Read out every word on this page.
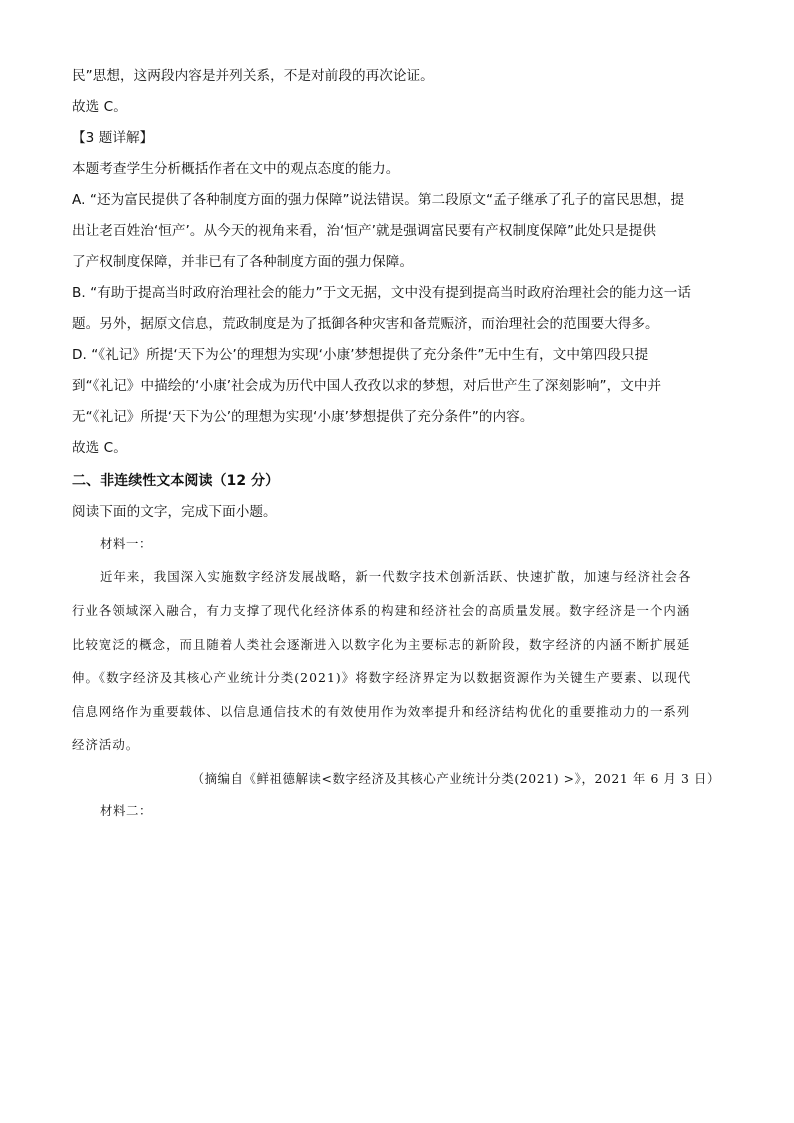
民”思想，这两段内容是并列关系，不是对前段的再次论证。
故选 C。
【3 题详解】
本题考查学生分析概括作者在文中的观点态度的能力。
A. “还为富民提供了各种制度方面的强力保障”说法错误。第二段原文“孟子继承了孔子的富民思想，提
出让老百姓治‘恒产’。从今天的视角来看，治‘恒产’就是强调富民要有产权制度保障”此处只是提供
了产权制度保障，并非已有了各种制度方面的强力保障。
B. “有助于提高当时政府治理社会的能力”于文无据，文中没有提到提高当时政府治理社会的能力这一话
题。另外，据原文信息，荒政制度是为了抵御各种灾害和备荒赈济，而治理社会的范围要大得多。
D. “《礼记》所提‘天下为公’的理想为实现‘小康’梦想提供了充分条件”无中生有，文中第四段只提
到“《礼记》中描绘的‘小康’社会成为历代中国人孜孜以求的梦想，对后世产生了深刻影响”，文中并
无“《礼记》所提‘天下为公’的理想为实现‘小康’梦想提供了充分条件”的内容。
故选 C。
二、非连续性文本阅读（12 分）
阅读下面的文字，完成下面小题。
材料一：
近年来，我国深入实施数字经济发展战略，新一代数字技术创新活跃、快速扩散，加速与经济社会各
行业各领域深入融合，有力支撑了现代化经济体系的构建和经济社会的高质量发展。数字经济是一个内涵
比较宽泛的概念，而且随着人类社会逐渐进入以数字化为主要标志的新阶段，数字经济的内涵不断扩展延
伸。《数字经济及其核心产业统计分类(2021)》将数字经济界定为以数据资源作为关键生产要素、以现代
信息网络作为重要载体、以信息通信技术的有效使用作为效率提升和经济结构优化的重要推动力的一系列
经济活动。
（摘编自《鲜祖德解读<数字经济及其核心产业统计分类(2021) >》，2021 年 6 月 3 日）
材料二：
